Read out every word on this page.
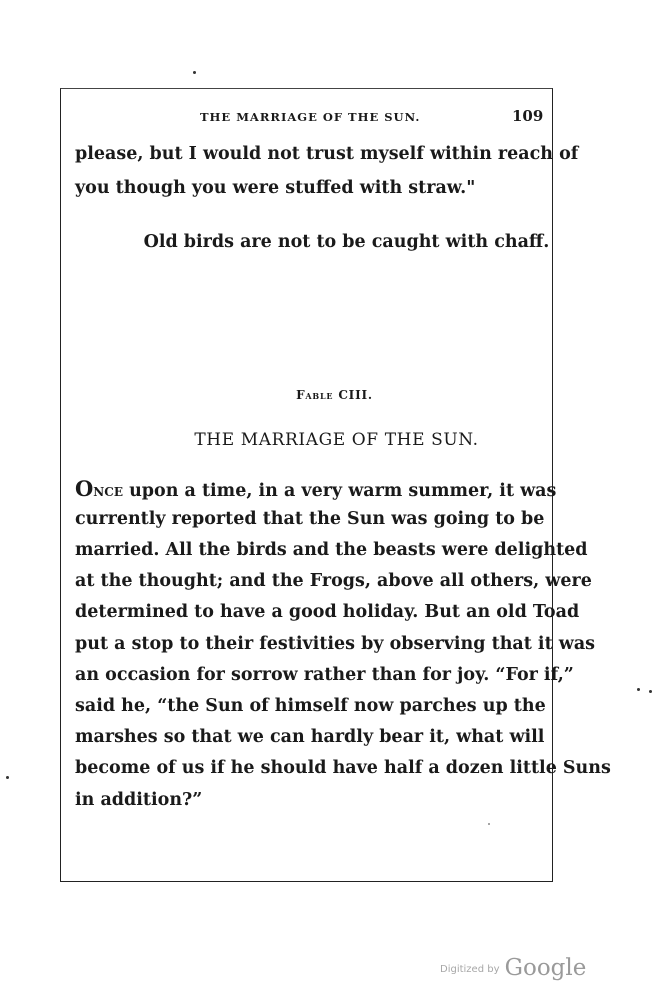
THE MARRIAGE OF THE SUN.	109
please, but I would not trust myself within reach of
you though you were stuffed with straw."
Old birds are not to be caught with chaff.
Fable CIII.
THE MARRIAGE OF THE SUN.
Once upon a time, in a very warm summer, it was
currently reported that the Sun was going to be
married. All the birds and the beasts were delighted
at the thought; and the Frogs, above all others, were
determined to have a good holiday. But an old Toad
put a stop to their festivities by observing that it was
an occasion for sorrow rather than for joy. “For if,”
said he, “the Sun of himself now parches up the
marshes so that we can hardly bear it, what will
become of us if he should have half a dozen little Suns
in addition?”
Digitized by Google
